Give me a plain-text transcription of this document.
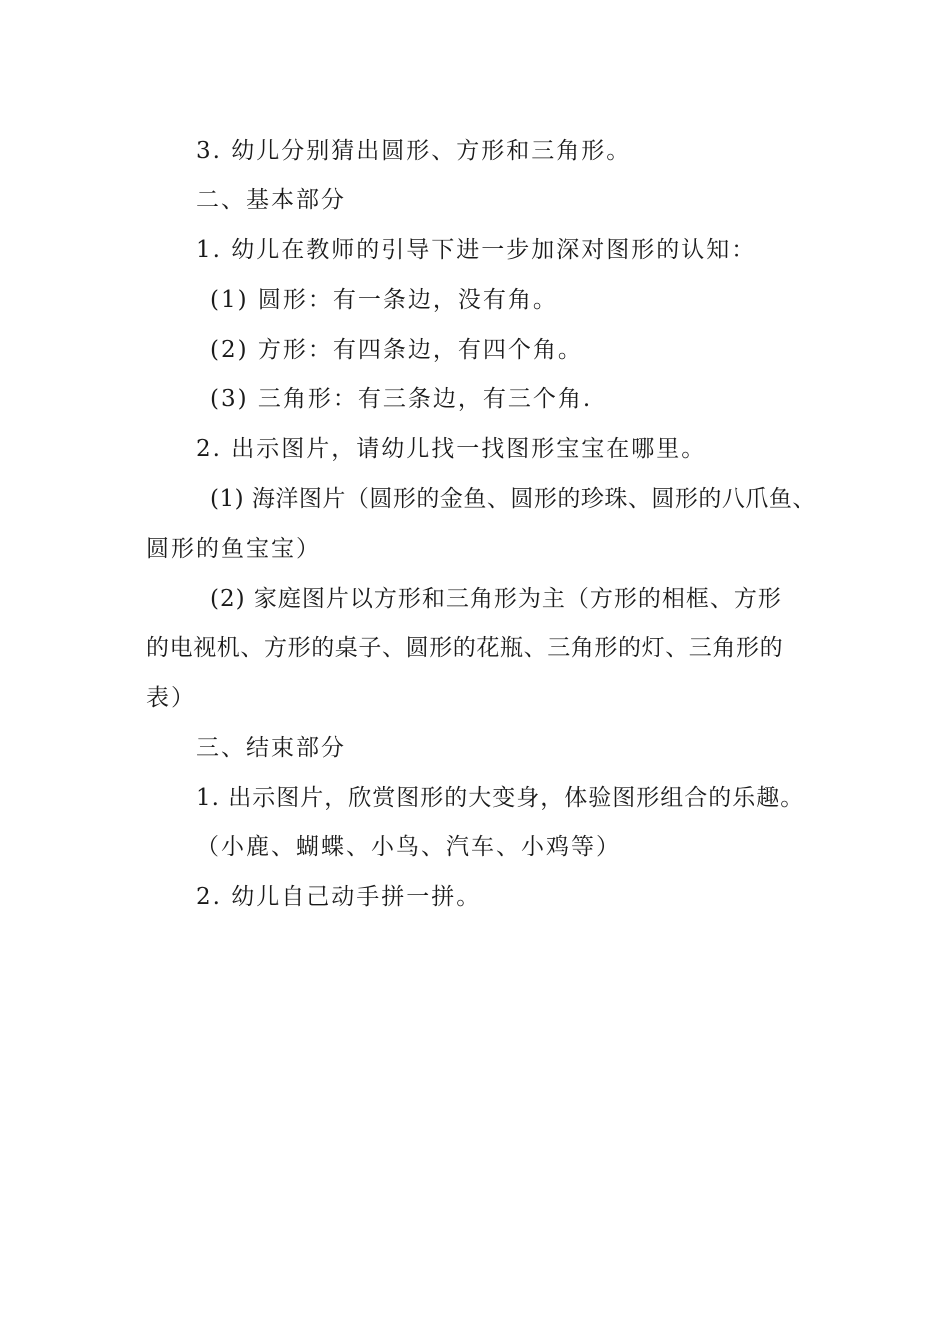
3. 幼儿分别猜出圆形、方形和三角形。
二、基本部分
1. 幼儿在教师的引导下进一步加深对图形的认知：
(1) 圆形：有一条边，没有角。
(2) 方形：有四条边，有四个角。
(3) 三角形：有三条边，有三个角.
2. 出示图片，请幼儿找一找图形宝宝在哪里。
(1) 海洋图片（圆形的金鱼、圆形的珍珠、圆形的八爪鱼、
圆形的鱼宝宝）
(2) 家庭图片以方形和三角形为主（方形的相框、方形
的电视机、方形的桌子、圆形的花瓶、三角形的灯、三角形的
表）
三、结束部分
1. 出示图片，欣赏图形的大变身，体验图形组合的乐趣。
（小鹿、蝴蝶、小鸟、汽车、小鸡等）
2. 幼儿自己动手拼一拼。
